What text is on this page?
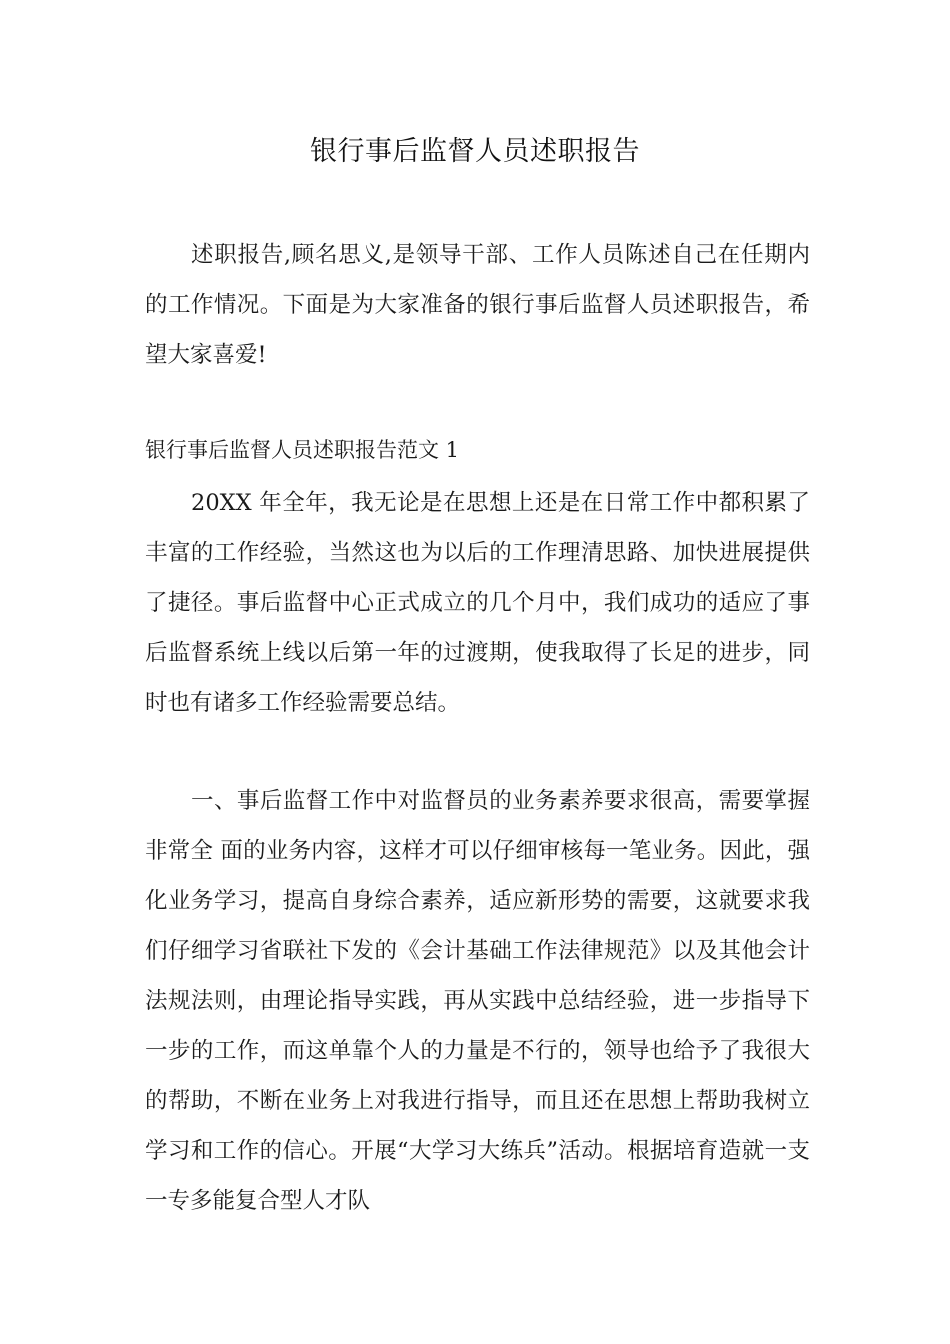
银行事后监督人员述职报告

述职报告,顾名思义,是领导干部、工作人员陈述自己在任期内的工作情况。下面是为大家准备的银行事后监督人员述职报告，希望大家喜爱!

银行事后监督人员述职报告范文 1

20XX 年全年，我无论是在思想上还是在日常工作中都积累了丰富的工作经验，当然这也为以后的工作理清思路、加快进展提供了捷径。事后监督中心正式成立的几个月中，我们成功的适应了事后监督系统上线以后第一年的过渡期，使我取得了长足的进步，同时也有诸多工作经验需要总结。

一、事后监督工作中对监督员的业务素养要求很高，需要掌握非常全 面的业务内容，这样才可以仔细审核每一笔业务。因此，强化业务学习，提高自身综合素养，适应新形势的需要，这就要求我们仔细学习省联社下发的《会计基础工作法律规范》以及其他会计法规法则，由理论指导实践，再从实践中总结经验，进一步指导下一步的工作，而这单靠个人的力量是不行的，领导也给予了我很大的帮助，不断在业务上对我进行指导，而且还在思想上帮助我树立学习和工作的信心。开展“大学习大练兵”活动。根据培育造就一支一专多能复合型人才队
